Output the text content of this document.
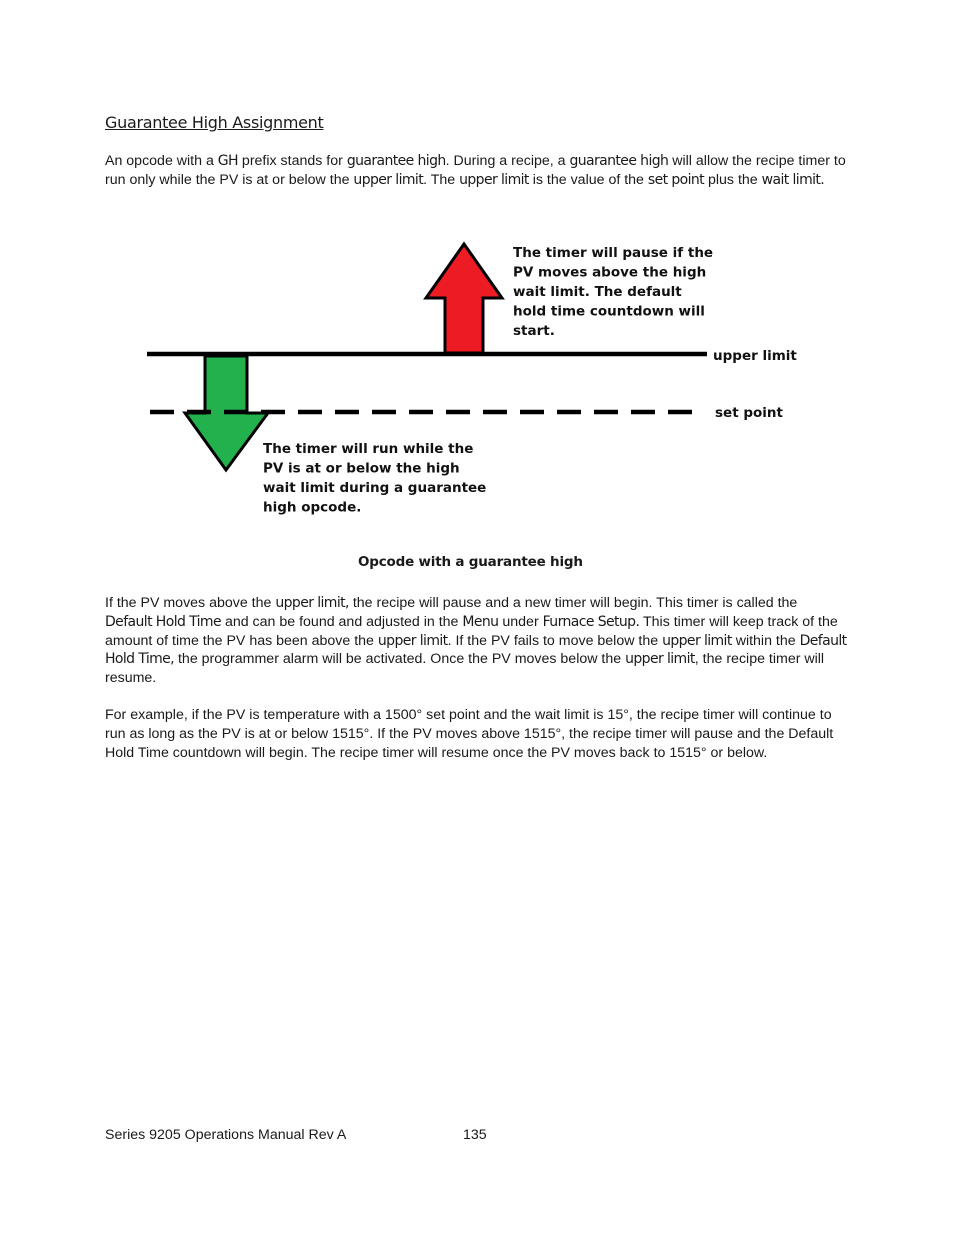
Guarantee High Assignment
An opcode with a GH prefix stands for guarantee high. During a recipe, a guarantee high will allow the recipe timer to run only while the PV is at or below the upper limit. The upper limit is the value of the set point plus the wait limit.
upper limit
set point
The timer will pause if the
PV moves above the high
wait limit. The default
hold time countdown will
start.
The timer will run while the
PV is at or below the high
wait limit during a guarantee
high opcode.
Opcode with a guarantee high
If the PV moves above the upper limit, the recipe will pause and a new timer will begin. This timer is called the Default Hold Time and can be found and adjusted in the Menu under Furnace Setup. This timer will keep track of the amount of time the PV has been above the upper limit. If the PV fails to move below the upper limit within the Default Hold Time, the programmer alarm will be activated. Once the PV moves below the upper limit, the recipe timer will resume.
For example, if the PV is temperature with a 1500° set point and the wait limit is 15°, the recipe timer will continue to run as long as the PV is at or below 1515°. If the PV moves above 1515°, the recipe timer will pause and the Default Hold Time countdown will begin. The recipe timer will resume once the PV moves back to 1515° or below.
Series 9205 Operations Manual Rev A	135
